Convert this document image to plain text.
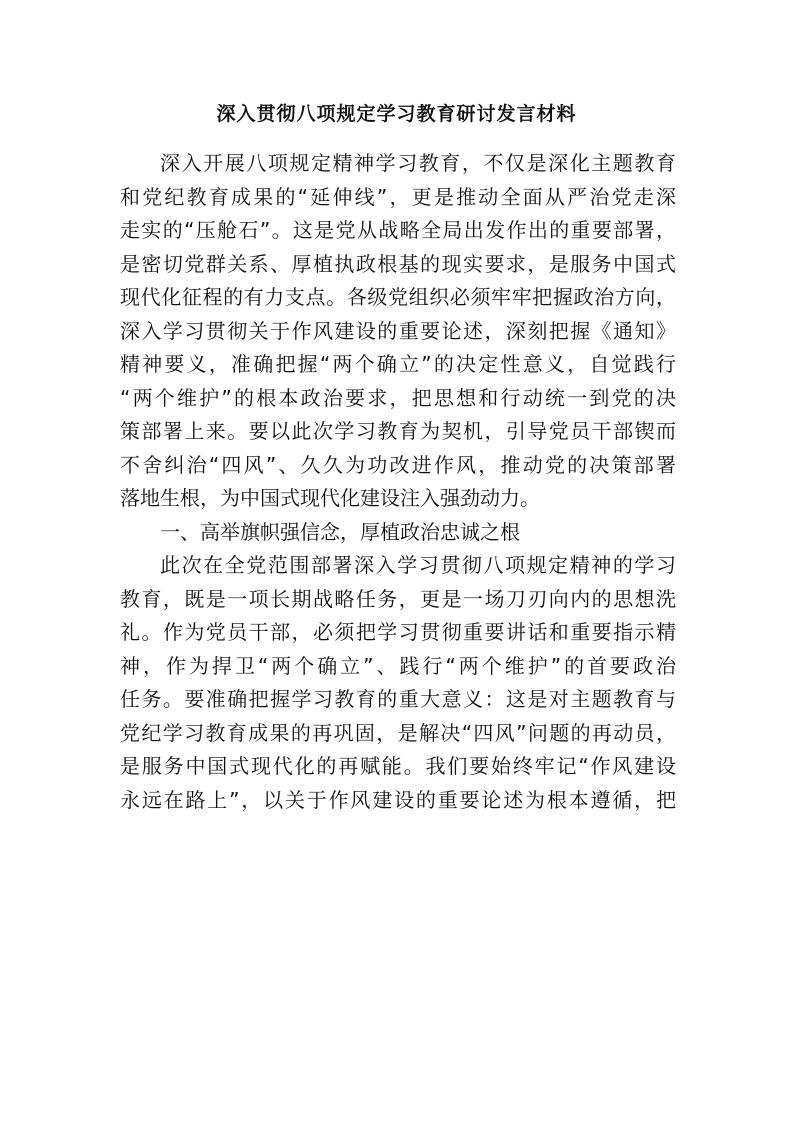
深入贯彻八项规定学习教育研讨发言材料
深入开展八项规定精神学习教育，不仅是深化主题教育
和党纪教育成果的“延伸线”，更是推动全面从严治党走深
走实的“压舱石”。这是党从战略全局出发作出的重要部署，
是密切党群关系、厚植执政根基的现实要求，是服务中国式
现代化征程的有力支点。各级党组织必须牢牢把握政治方向，
深入学习贯彻关于作风建设的重要论述，深刻把握《通知》
精神要义，准确把握“两个确立”的决定性意义，自觉践行
“两个维护”的根本政治要求，把思想和行动统一到党的决
策部署上来。要以此次学习教育为契机，引导党员干部锲而
不舍纠治“四风”、久久为功改进作风，推动党的决策部署
落地生根，为中国式现代化建设注入强劲动力。
一、高举旗帜强信念，厚植政治忠诚之根
此次在全党范围部署深入学习贯彻八项规定精神的学习
教育，既是一项长期战略任务，更是一场刀刃向内的思想洗
礼。作为党员干部，必须把学习贯彻重要讲话和重要指示精
神，作为捍卫“两个确立”、践行“两个维护”的首要政治
任务。要准确把握学习教育的重大意义：这是对主题教育与
党纪学习教育成果的再巩固，是解决“四风”问题的再动员，
是服务中国式现代化的再赋能。我们要始终牢记“作风建设
永远在路上”，以关于作风建设的重要论述为根本遵循，把
